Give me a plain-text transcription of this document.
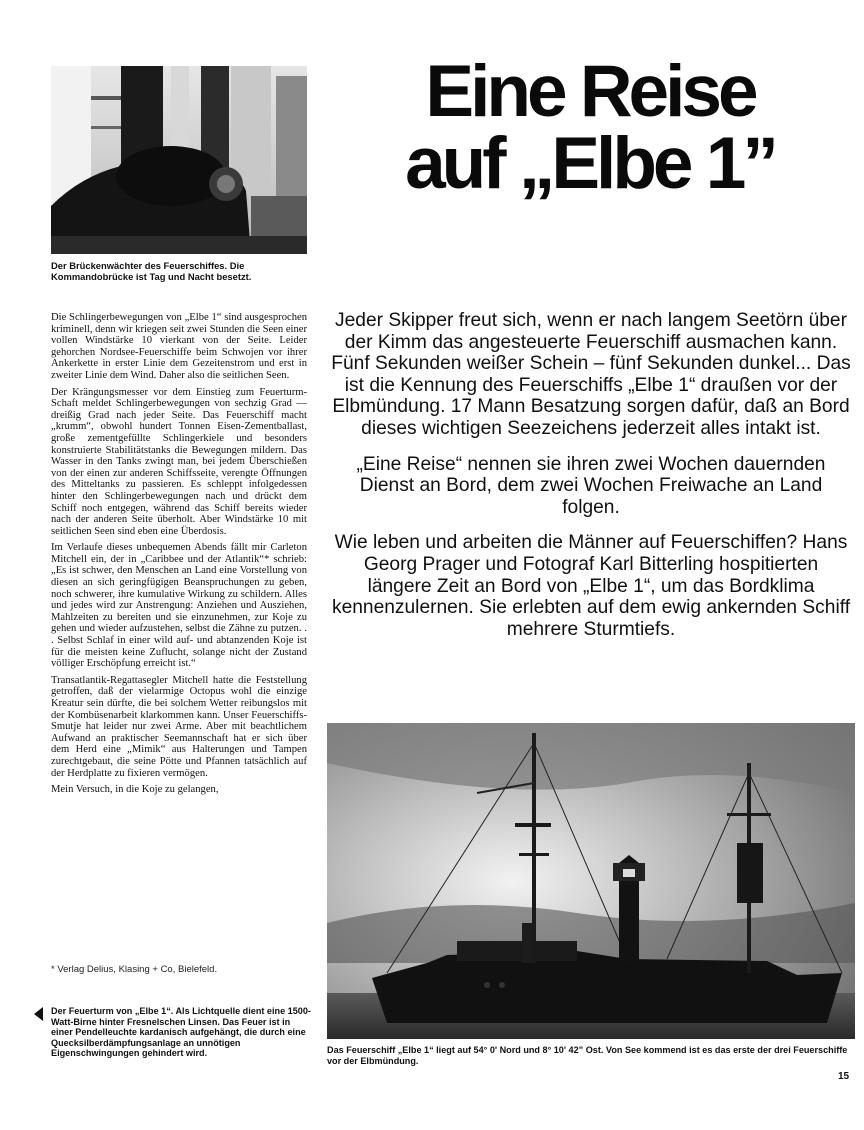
Der Brückenwächter des Feuerschiffes. Die Kommandobrücke ist Tag und Nacht besetzt.
Eine Reise
auf „Elbe 1”

Jeder Skipper freut sich, wenn er nach langem Seetörn über der Kimm das angesteuerte Feuerschiff ausmachen kann. Fünf Sekunden weißer Schein – fünf Sekunden dunkel... Das ist die Kennung des Feuerschiffs „Elbe 1“ draußen vor der Elbmündung. 17 Mann Besatzung sorgen dafür, daß an Bord dieses wichtigen Seezeichens jederzeit alles intakt ist.

„Eine Reise“ nennen sie ihren zwei Wochen dauernden Dienst an Bord, dem zwei Wochen Freiwache an Land folgen.

Wie leben und arbeiten die Männer auf Feuerschiffen? Hans Georg Prager und Fotograf Karl Bitterling hospitierten längere Zeit an Bord von „Elbe 1“, um das Bordklima kennenzulernen. Sie erlebten auf dem ewig ankernden Schiff mehrere Sturmtiefs.

Die Schlingerbewegungen von „Elbe 1“ sind ausgesprochen kriminell, denn wir kriegen seit zwei Stunden die Seen einer vollen Windstärke 10 vierkant von der Seite. Leider gehorchen Nordsee-Feuerschiffe beim Schwojen vor ihrer Ankerkette in erster Linie dem Gezeitenstrom und erst in zweiter Linie dem Wind. Daher also die seitlichen Seen.

Der Krängungsmesser vor dem Einstieg zum Feuerturm-Schaft meldet Schlingerbewegungen von sechzig Grad — dreißig Grad nach jeder Seite. Das Feuerschiff macht „krumm“, obwohl hundert Tonnen Eisen-Zementballast, große zementgefüllte Schlingerkiele und besonders konstruierte Stabilitätstanks die Bewegungen mildern. Das Wasser in den Tanks zwingt man, bei jedem Überschießen von der einen zur anderen Schiffsseite, verengte Öffnungen des Mitteltanks zu passieren. Es schleppt infolgedessen hinter den Schlingerbewegungen nach und drückt dem Schiff noch entgegen, während das Schiff bereits wieder nach der anderen Seite überholt. Aber Windstärke 10 mit seitlichen Seen sind eben eine Überdosis.

Im Verlaufe dieses unbequemen Abends fällt mir Carleton Mitchell ein, der in „Caribbee und der Atlantik“* schrieb: „Es ist schwer, den Menschen an Land eine Vorstellung von diesen an sich geringfügigen Beanspruchungen zu geben, noch schwerer, ihre kumulative Wirkung zu schildern. Alles und jedes wird zur Anstrengung: Anziehen und Ausziehen, Mahlzeiten zu bereiten und sie einzunehmen, zur Koje zu gehen und wieder aufzustehen, selbst die Zähne zu putzen. . . Selbst Schlaf in einer wild auf- und abtanzenden Koje ist für die meisten keine Zuflucht, solange nicht der Zustand völliger Erschöpfung erreicht ist.“

Transatlantik-Regattasegler Mitchell hatte die Feststellung getroffen, daß der vielarmige Octopus wohl die einzige Kreatur sein dürfte, die bei solchem Wetter reibungslos mit der Kombüsenarbeit klarkommen kann. Unser Feuerschiffs-Smutje hat leider nur zwei Arme. Aber mit beachtlichem Aufwand an praktischer Seemannschaft hat er sich über dem Herd eine „Mimik“ aus Halterungen und Tampen zurechtgebaut, die seine Pötte und Pfannen tatsächlich auf der Herdplatte zu fixieren vermögen.

Mein Versuch, in die Koje zu gelangen,

* Verlag Delius, Klasing + Co, Bielefeld.
Der Feuerturm von „Elbe 1“. Als Lichtquelle dient eine 1500-Watt-Birne hinter Fresnelschen Linsen. Das Feuer ist in einer Pendelleuchte kardanisch aufgehängt, die durch eine Quecksilberdämpfungsanlage an unnötigen Eigenschwingungen gehindert wird.	Das Feuerschiff „Elbe 1“ liegt auf 54° 0' Nord und 8° 10' 42” Ost. Von See kommend ist es das erste der drei Feuerschiffe vor der Elbmündung.
15
